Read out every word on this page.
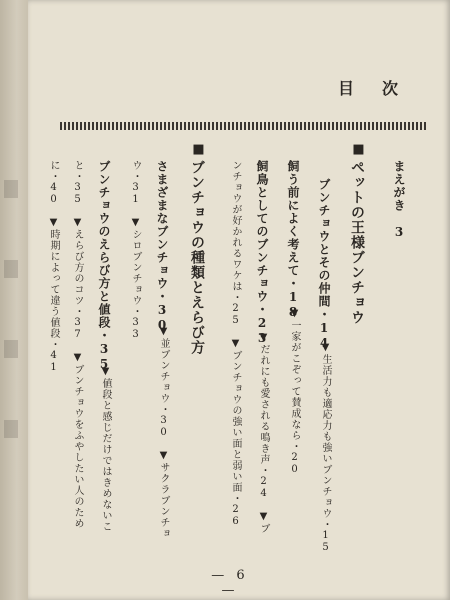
目次
まえがき　3
■
ペットの王様ブンチョウ
ブンチョウとその仲間・14
▼生活力も適応力も強いブンチョウ・15
飼う前によく考えて・18
▼一家がこぞって賛成なら・20
飼鳥としてのブンチョウ・23
▼だれにも愛される鳴き声・24　▼ブ
ンチョウが好かれるワケは・25　▼ブンチョウの強い面と弱い面・26
■
ブンチョウの種類とえらび方
さまざまなブンチョウ・30
▼並ブンチョウ・30　▼サクラブンチョ
ウ・31　▼シロブンチョウ・33
ブンチョウのえらび方と値段・35
▼値段と感じだけではきめないこ
と・35　▼えらび方のコツ・37　▼ブンチョウをふやしたい人のため
に・40　▼時期によって違う値段・41
— 6 —
